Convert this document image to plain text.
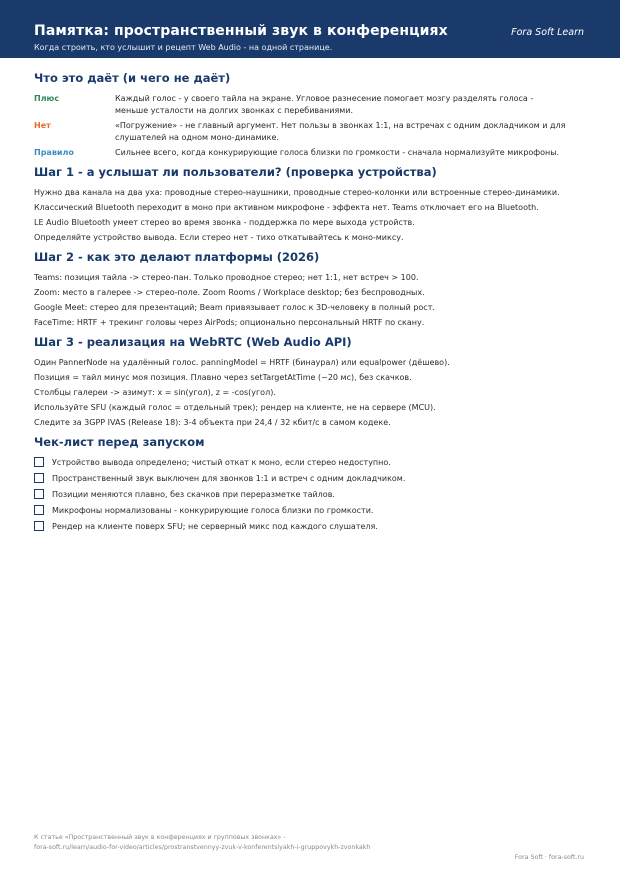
Памятка: пространственный звук в конференциях	Fora Soft Learn
Когда строить, кто услышит и рецепт Web Audio - на одной странице.
Что это даёт (и чего не даёт)
Плюс	Каждый голос - у своего тайла на экране. Угловое разнесение помогает мозгу разделять голоса -
меньше усталости на долгих звонках с перебиваниями.
Нет	«Погружение» - не главный аргумент. Нет пользы в звонках 1:1, на встречах с одним докладчиком и для
слушателей на одном моно-динамике.
Правило	Сильнее всего, когда конкурирующие голоса близки по громкости - сначала нормализуйте микрофоны.
Шаг 1 - а услышат ли пользователи? (проверка устройства)
Нужно два канала на два уха: проводные стерео-наушники, проводные стерео-колонки или встроенные стерео-динамики.
Классический Bluetooth переходит в моно при активном микрофоне - эффекта нет. Teams отключает его на Bluetooth.
LE Audio Bluetooth умеет стерео во время звонка - поддержка по мере выхода устройств.
Определяйте устройство вывода. Если стерео нет - тихо откатывайтесь к моно-миксу.
Шаг 2 - как это делают платформы (2026)
Teams: позиция тайла -> стерео-пан. Только проводное стерео; нет 1:1, нет встреч > 100.
Zoom: место в галерее -> стерео-поле. Zoom Rooms / Workplace desktop; без беспроводных.
Google Meet: стерео для презентаций; Beam привязывает голос к 3D-человеку в полный рост.
FaceTime: HRTF + трекинг головы через AirPods; опционально персональный HRTF по скану.
Шаг 3 - реализация на WebRTC (Web Audio API)
Один PannerNode на удалённый голос. panningModel = HRTF (бинаурал) или equalpower (дёшево).
Позиция = тайл минус моя позиция. Плавно через setTargetAtTime (~20 мс), без скачков.
Столбцы галереи -> азимут: x = sin(угол), z = -cos(угол).
Используйте SFU (каждый голос = отдельный трек); рендер на клиенте, не на сервере (MCU).
Следите за 3GPP IVAS (Release 18): 3-4 объекта при 24,4 / 32 кбит/с в самом кодеке.
Чек-лист перед запуском
Устройство вывода определено; чистый откат к моно, если стерео недоступно.
Пространственный звук выключен для звонков 1:1 и встреч с одним докладчиком.
Позиции меняются плавно, без скачков при переразметке тайлов.
Микрофоны нормализованы - конкурирующие голоса близки по громкости.
Рендер на клиенте поверх SFU; не серверный микс под каждого слушателя.
К статье «Пространственный звук в конференциях и групповых звонках» -
fora-soft.ru/learn/audio-for-video/articles/prostranstvennyy-zvuk-v-konferentsiyakh-i-gruppovykh-zvonkakh
Fora Soft · fora-soft.ru
